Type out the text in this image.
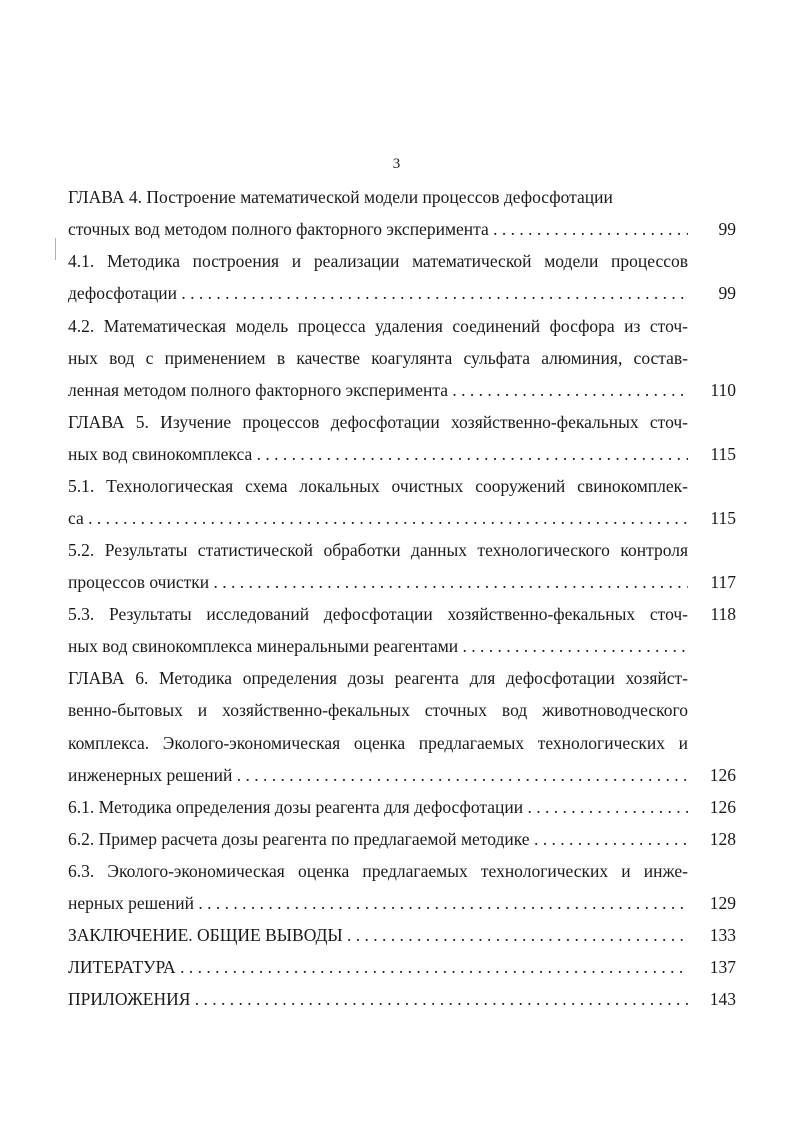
3
ГЛАВА 4. Построение математической модели процессов дефосфотации
сточных вод методом полного факторного эксперимента . . .
4.1. Методика построения и реализации математической модели процессов
дефосфотации . . .
4.2. Математическая модель процесса удаления соединений фосфора из сточ-
ных вод с применением в качестве коагулянта сульфата алюминия, состав-
ленная методом полного факторного эксперимента . . .
ГЛАВА 5. Изучение процессов дефосфотации хозяйственно-фекальных сточ-
ных вод свинокомплекса . . .
5.1. Технологическая схема локальных очистных сооружений свинокомплек-
са . . .
5.2. Результаты статистической обработки данных технологического контроля
процессов очистки . . .
5.3. Результаты исследований дефосфотации хозяйственно-фекальных сточ-
ных вод свинокомплекса минеральными реагентами . . .
ГЛАВА 6. Методика определения дозы реагента для дефосфотации хозяйст-
венно-бытовых и хозяйственно-фекальных сточных вод животноводческого
комплекса. Эколого-экономическая оценка предлагаемых технологических и
инженерных решений . . .
6.1. Методика определения дозы реагента для дефосфотации . . .
6.2. Пример расчета дозы реагента по предлагаемой методике . . .
6.3. Эколого-экономическая оценка предлагаемых технологических и инже-
нерных решений . . .
ЗАКЛЮЧЕНИЕ. ОБЩИЕ ВЫВОДЫ . . .
ЛИТЕРАТУРА . . .
ПРИЛОЖЕНИЯ . . .
99
99
110
115
115
117
118
126
126
128
129
133
137
143
